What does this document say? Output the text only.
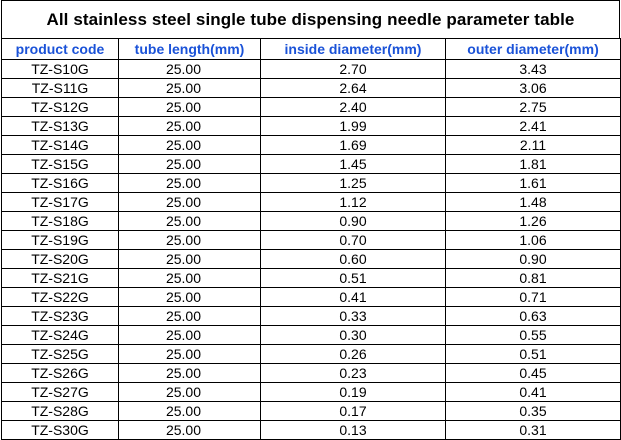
All stainless steel single tube dispensing needle parameter table
product code	tube length(mm)	inside diameter(mm)	outer diameter(mm)
TZ-S10G	25.00	2.70	3.43
TZ-S11G	25.00	2.64	3.06
TZ-S12G	25.00	2.40	2.75
TZ-S13G	25.00	1.99	2.41
TZ-S14G	25.00	1.69	2.11
TZ-S15G	25.00	1.45	1.81
TZ-S16G	25.00	1.25	1.61
TZ-S17G	25.00	1.12	1.48
TZ-S18G	25.00	0.90	1.26
TZ-S19G	25.00	0.70	1.06
TZ-S20G	25.00	0.60	0.90
TZ-S21G	25.00	0.51	0.81
TZ-S22G	25.00	0.41	0.71
TZ-S23G	25.00	0.33	0.63
TZ-S24G	25.00	0.30	0.55
TZ-S25G	25.00	0.26	0.51
TZ-S26G	25.00	0.23	0.45
TZ-S27G	25.00	0.19	0.41
TZ-S28G	25.00	0.17	0.35
TZ-S30G	25.00	0.13	0.31
